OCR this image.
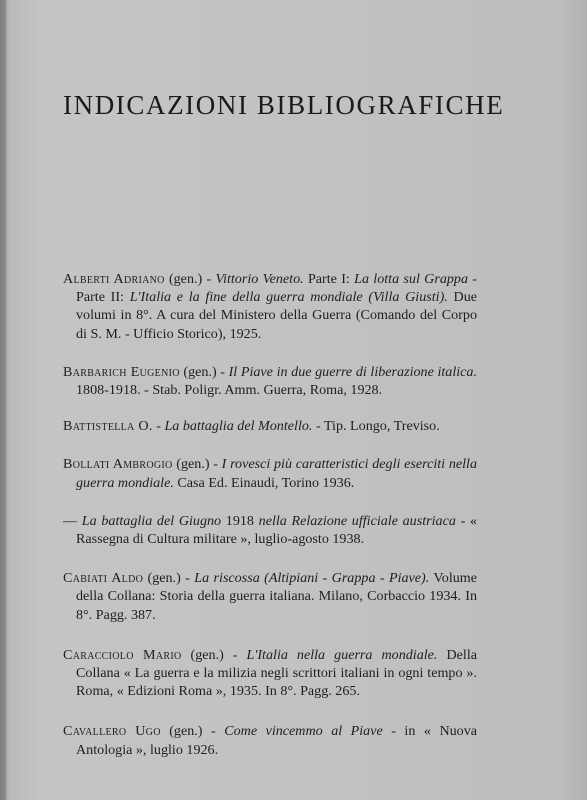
INDICAZIONI BIBLIOGRAFICHE

Alberti Adriano (gen.) - Vittorio Veneto. Parte I: La lotta sul Grappa - Parte II: L'Italia e la fine della guerra mondiale (Villa Giusti). Due volumi in 8°. A cura del Ministero della Guerra (Comando del Corpo di S. M. - Ufficio Storico), 1925.

Barbarich Eugenio (gen.) - Il Piave in due guerre di liberazione italica. 1808-1918. - Stab. Poligr. Amm. Guerra, Roma, 1928.

Battistella O. - La battaglia del Montello. - Tip. Longo, Treviso.

Bollati Ambrogio (gen.) - I rovesci più caratteristici degli eserciti nella guerra mondiale. Casa Ed. Einaudi, Torino 1936.

— La battaglia del Giugno 1918 nella Relazione ufficiale austriaca - « Rassegna di Cultura militare », luglio-agosto 1938.

Cabiati Aldo (gen.) - La riscossa (Altipiani - Grappa - Piave). Volume della Collana: Storia della guerra italiana. Milano, Corbaccio 1934. In 8°. Pagg. 387.

Caracciolo Mario (gen.) - L'Italia nella guerra mondiale. Della Collana « La guerra e la milizia negli scrittori italiani in ogni tempo ». Roma, « Edizioni Roma », 1935. In 8°. Pagg. 265.

Cavallero Ugo (gen.) - Come vincemmo al Piave - in « Nuova Antologia », luglio 1926.
